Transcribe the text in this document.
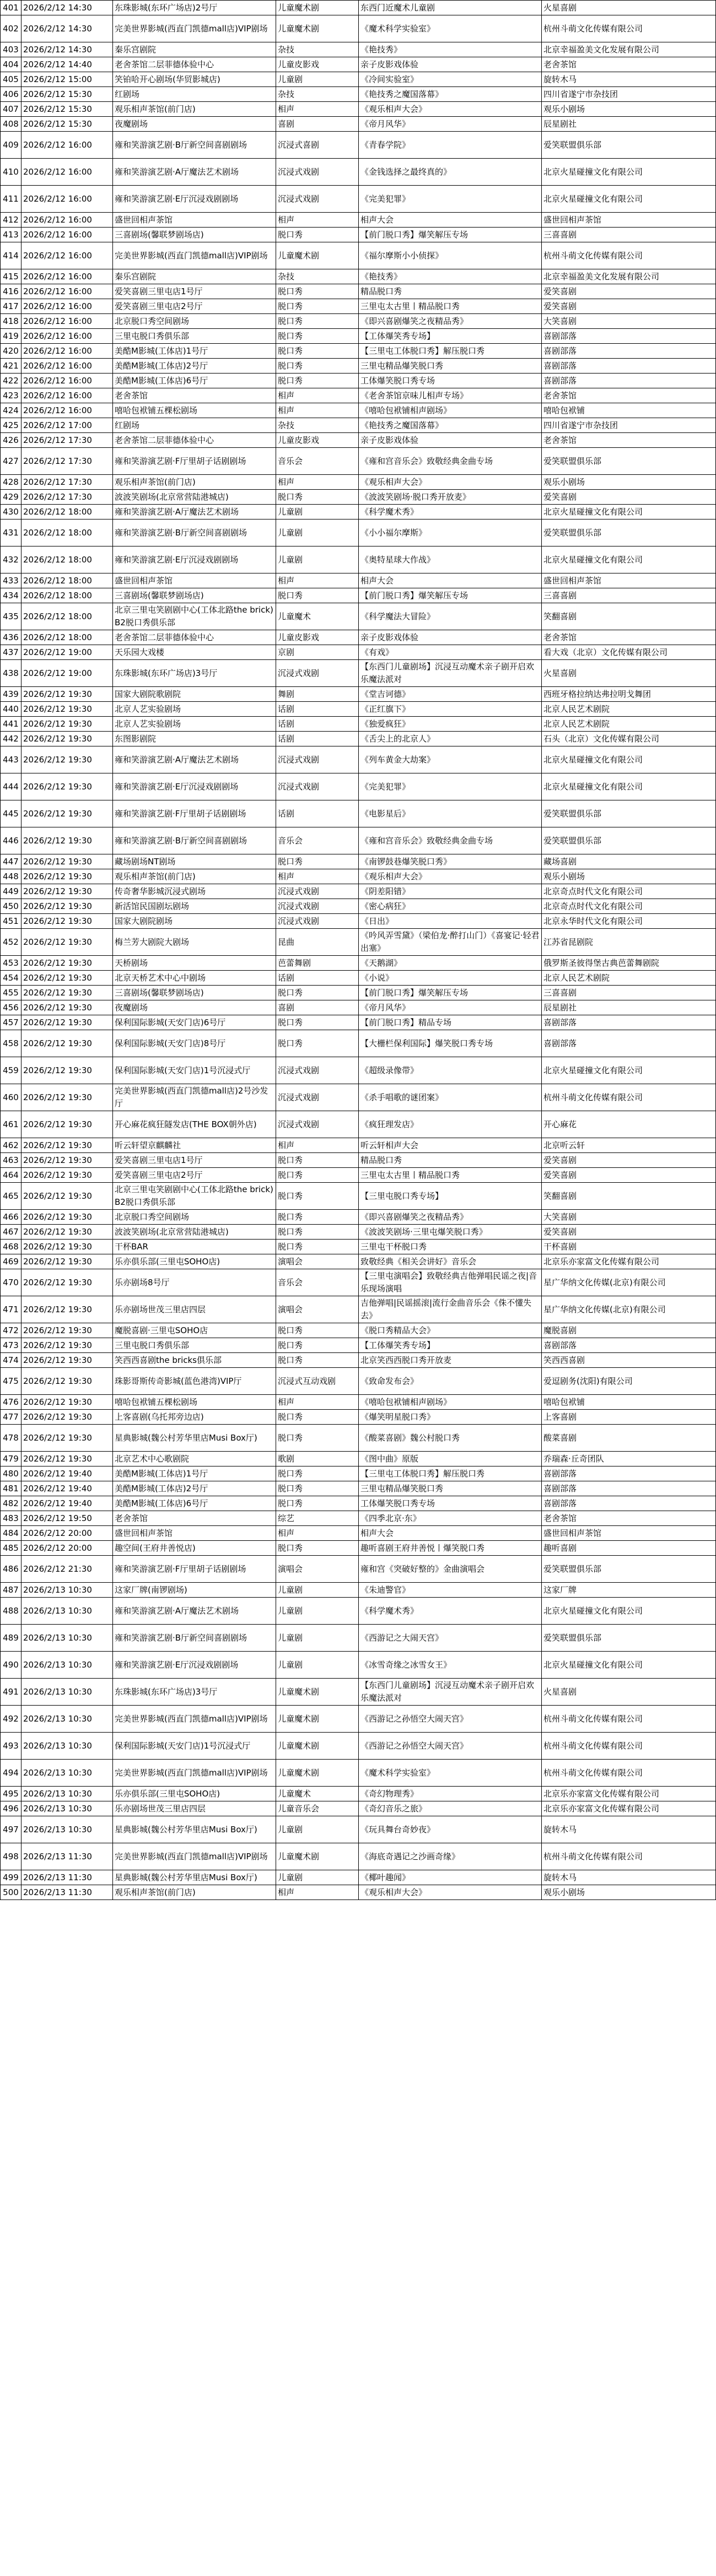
401	2026/2/12 14:30	东珠影城(东环广场店)2号厅	儿童魔术剧	东西门近魔术儿童剧	火星喜剧
402	2026/2/12 14:30	完美世界影城(西直门凯德mall店)VIP剧场	儿童魔术剧	《魔术科学实验室》	杭州斗萌文化传媒有限公司
403	2026/2/12 14:30	秦乐宫剧院	杂技	《艳技秀》	北京幸福盈美文化发展有限公司
404	2026/2/12 14:40	老舍茶馆二层菲德体验中心	儿童皮影戏	亲子皮影戏体验	老舍茶馆
405	2026/2/12 15:00	笑铂哈开心剧场(华贸影城店)	儿童剧	《冷间实验室》	旋转木马
406	2026/2/12 15:30	红剧场	杂技	《艳技秀之魔国落幕》	四川省遂宁市杂技团
407	2026/2/12 15:30	观乐相声茶馆(前门店)	相声	《观乐相声大会》	观乐小剧场
408	2026/2/12 15:30	夜魔剧场	喜剧	《帝月风华》	辰星剧社
409	2026/2/12 16:00	雍和笑游演艺剧·B厅新空间喜剧剧场	沉浸式喜剧	《青春学院》	爱笑联盟俱乐部
410	2026/2/12 16:00	雍和笑游演艺剧·A厅魔法艺术剧场	沉浸式戏剧	《金钱选择之最终真的》	北京火星碰撞文化有限公司
411	2026/2/12 16:00	雍和笑游演艺剧·E厅沉浸戏剧剧场	沉浸式戏剧	《完美犯罪》	北京火星碰撞文化有限公司
412	2026/2/12 16:00	盛世回相声茶馆	相声	相声大会	盛世回相声茶馆
413	2026/2/12 16:00	三喜剧场(馨联梦剧场店)	脱口秀	【前门脱口秀】爆笑解压专场	三喜喜剧
414	2026/2/12 16:00	完美世界影城(西直门凯德mall店)VIP剧场	儿童魔术剧	《福尔摩斯小小侦探》	杭州斗萌文化传媒有限公司
415	2026/2/12 16:00	秦乐宫剧院	杂技	《艳技秀》	北京幸福盈美文化发展有限公司
416	2026/2/12 16:00	爱笑喜剧三里屯店1号厅	脱口秀	精品脱口秀	爱笑喜剧
417	2026/2/12 16:00	爱笑喜剧三里屯店2号厅	脱口秀	三里屯太古里丨精品脱口秀	爱笑喜剧
418	2026/2/12 16:00	北京脱口秀空间剧场	脱口秀	《即兴喜剧爆笑之夜精品秀》	大笑喜剧
419	2026/2/12 16:00	三里屯脱口秀俱乐部	脱口秀	【工体爆笑秀专场】	喜剧部落
420	2026/2/12 16:00	美酷M影城(工体店)1号厅	脱口秀	【三里屯工体脱口秀】解压脱口秀	喜剧部落
421	2026/2/12 16:00	美酷M影城(工体店)2号厅	脱口秀	三里屯精品爆笑脱口秀	喜剧部落
422	2026/2/12 16:00	美酷M影城(工体店)6号厅	脱口秀	工体爆笑脱口秀专场	喜剧部落
423	2026/2/12 16:00	老舍茶馆	相声	《老舍茶馆京味儿相声专场》	老舍茶馆
424	2026/2/12 16:00	嘻哈包袱铺五棵松剧场	相声	《嘻哈包袱铺相声剧场》	嘻哈包袱铺
425	2026/2/12 17:00	红剧场	杂技	《艳技秀之魔国落幕》	四川省遂宁市杂技团
426	2026/2/12 17:30	老舍茶馆二层菲德体验中心	儿童皮影戏	亲子皮影戏体验	老舍茶馆
427	2026/2/12 17:30	雍和笑游演艺剧·F厅里胡子话剧剧场	音乐会	《雍和宫音乐会》致敬经典金曲专场	爱笑联盟俱乐部
428	2026/2/12 17:30	观乐相声茶馆(前门店)	相声	《观乐相声大会》	观乐小剧场
429	2026/2/12 17:30	波波笑剧场(北京常营陆港城店)	脱口秀	《波波笑剧场·脱口秀开放麦》	爱笑喜剧
430	2026/2/12 18:00	雍和笑游演艺剧·A厅魔法艺术剧场	儿童剧	《科学魔术秀》	北京火星碰撞文化有限公司
431	2026/2/12 18:00	雍和笑游演艺剧·B厅新空间喜剧剧场	儿童剧	《小小福尔摩斯》	爱笑联盟俱乐部
432	2026/2/12 18:00	雍和笑游演艺剧·E厅沉浸戏剧剧场	儿童剧	《奥特星球大作战》	北京火星碰撞文化有限公司
433	2026/2/12 18:00	盛世回相声茶馆	相声	相声大会	盛世回相声茶馆
434	2026/2/12 18:00	三喜剧场(馨联梦剧场店)	脱口秀	【前门脱口秀】爆笑解压专场	三喜喜剧
435	2026/2/12 18:00	北京三里屯笑剧剧中心(工体北路the brick)B2脱口秀俱乐部	儿童魔术	《科学魔法大冒险》	笑翻喜剧
436	2026/2/12 18:00	老舍茶馆二层菲德体验中心	儿童皮影戏	亲子皮影戏体验	老舍茶馆
437	2026/2/12 19:00	天乐园大戏楼	京剧	《有戏》	看大戏（北京）文化传媒有限公司
438	2026/2/12 19:00	东珠影城(东环广场店)3号厅	沉浸式戏剧	【东西门儿童剧场】沉浸互动魔术亲子剧开启欢乐魔法派对	火星喜剧
439	2026/2/12 19:30	国家大剧院歌剧院	舞剧	《堂吉诃德》	西班牙格拉纳达弗拉明戈舞团
440	2026/2/12 19:30	北京人艺实验剧场	话剧	《正红旗下》	北京人民艺术剧院
441	2026/2/12 19:30	北京人艺实验剧场	话剧	《独爱疯狂》	北京人民艺术剧院
442	2026/2/12 19:30	东图影剧院	话剧	《舌尖上的北京人》	石头（北京）文化传媒有限公司
443	2026/2/12 19:30	雍和笑游演艺剧·A厅魔法艺术剧场	沉浸式戏剧	《列车黄金大劫案》	北京火星碰撞文化有限公司
444	2026/2/12 19:30	雍和笑游演艺剧·E厅沉浸戏剧剧场	沉浸式戏剧	《完美犯罪》	北京火星碰撞文化有限公司
445	2026/2/12 19:30	雍和笑游演艺剧·F厅里胡子话剧剧场	话剧	《电影星后》	爱笑联盟俱乐部
446	2026/2/12 19:30	雍和笑游演艺剧·B厅新空间喜剧剧场	音乐会	《雍和宫音乐会》致敬经典金曲专场	爱笑联盟俱乐部
447	2026/2/12 19:30	藏场剧场NT剧场	脱口秀	《南锣鼓巷爆笑脱口秀》	藏场喜剧
448	2026/2/12 19:30	观乐相声茶馆(前门店)	相声	《观乐相声大会》	观乐小剧场
449	2026/2/12 19:30	传奇奢华影城沉浸式剧场	沉浸式戏剧	《阴差阳错》	北京奇点时代文化有限公司
450	2026/2/12 19:30	新活馆民国剧坛剧场	沉浸式戏剧	《密心病狂》	北京奇点时代文化有限公司
451	2026/2/12 19:30	国家大剧院剧场	沉浸式戏剧	《日出》	北京永华时代文化有限公司
452	2026/2/12 19:30	梅兰芳大剧院大剧场	昆曲	《吟风弄雪黛》（梁伯龙·醉打山门）《喜宴记·轻君出塞》	江苏省昆剧院
453	2026/2/12 19:30	天桥剧场	芭蕾舞剧	《天鹅湖》	俄罗斯圣彼得堡古典芭蕾舞剧院
454	2026/2/12 19:30	北京天桥艺术中心中剧场	话剧	《小说》	北京人民艺术剧院
455	2026/2/12 19:30	三喜剧场(馨联梦剧场店)	脱口秀	【前门脱口秀】爆笑解压专场	三喜喜剧
456	2026/2/12 19:30	夜魔剧场	喜剧	《帝月风华》	辰星剧社
457	2026/2/12 19:30	保利国际影城(天安门店)6号厅	脱口秀	【前门脱口秀】精品专场	喜剧部落
458	2026/2/12 19:30	保利国际影城(天安门店)8号厅	脱口秀	【大栅栏保利国际】爆笑脱口秀专场	喜剧部落
459	2026/2/12 19:30	保利国际影城(天安门店)1号沉浸式厅	沉浸式戏剧	《超级录像带》	北京火星碰撞文化有限公司
460	2026/2/12 19:30	完美世界影城(西直门凯德mall店)2号沙发厅	沉浸式戏剧	《杀手唱歌的谜团案》	杭州斗萌文化传媒有限公司
461	2026/2/12 19:30	开心麻花疯狂隧发店(THE BOX朝外店)	沉浸式戏剧	《疯狂理发店》	开心麻花
462	2026/2/12 19:30	听云轩望京麒麟社	相声	听云轩相声大会	北京听云轩
463	2026/2/12 19:30	爱笑喜剧三里屯店1号厅	脱口秀	精品脱口秀	爱笑喜剧
464	2026/2/12 19:30	爱笑喜剧三里屯店2号厅	脱口秀	三里屯太古里丨精品脱口秀	爱笑喜剧
465	2026/2/12 19:30	北京三里屯笑剧剧中心(工体北路the brick)B2脱口秀俱乐部	脱口秀	【三里屯脱口秀专场】	笑翻喜剧
466	2026/2/12 19:30	北京脱口秀空间剧场	脱口秀	《即兴喜剧爆笑之夜精品秀》	大笑喜剧
467	2026/2/12 19:30	波波笑剧场(北京常营陆港城店)	脱口秀	《波波笑剧场·三里屯爆笑脱口秀》	爱笑喜剧
468	2026/2/12 19:30	干杯BAR	脱口秀	三里屯干杯脱口秀	干杯喜剧
469	2026/2/12 19:30	乐亦俱乐部(三里屯SOHO店)	演唱会	致敬经典《相关会讲好》音乐会	北京乐亦家富文化传媒有限公司
470	2026/2/12 19:30	乐亦剧场8号厅	音乐会	【三里屯演唱会】致敬经典吉他弹唱民谣之夜|音乐现场演唱	星广华纳文化传媒(北京)有限公司
471	2026/2/12 19:30	乐亦剧场世茂三里店四层	演唱会	吉他弹唱|民谣摇滚|流行金曲音乐会《侏不懂失去》	星广华纳文化传媒(北京)有限公司
472	2026/2/12 19:30	魔脱喜剧·三里屯SOHO店	脱口秀	《脱口秀精品大会》	魔脱喜剧
473	2026/2/12 19:30	三里屯脱口秀俱乐部	脱口秀	【工体爆笑秀专场】	喜剧部落
474	2026/2/12 19:30	笑西西喜剧the bricks俱乐部	脱口秀	北京笑西西脱口秀开放麦	笑西西喜剧
475	2026/2/12 19:30	珠影哥斯传奇影城(蓝色港湾)VIP厅	沉浸式互动戏剧	《致命发布会》	爱逗剧务(沈阳)有限公司
476	2026/2/12 19:30	嘻哈包袱铺五棵松剧场	相声	《嘻哈包袱铺相声剧场》	嘻哈包袱铺
477	2026/2/12 19:30	上客喜剧(乌托邦旁边店)	脱口秀	《爆笑明星脱口秀》	上客喜剧
478	2026/2/12 19:30	星典影城(魏公村芳华里店Musi Box厅)	脱口秀	《酸菜喜剧》魏公村脱口秀	酸菜喜剧
479	2026/2/12 19:30	北京艺术中心歌剧院	歌剧	《图中曲》原版	乔瑞森·丘奇团队
480	2026/2/12 19:40	美酷M影城(工体店)1号厅	脱口秀	【三里屯工体脱口秀】解压脱口秀	喜剧部落
481	2026/2/12 19:40	美酷M影城(工体店)2号厅	脱口秀	三里屯精品爆笑脱口秀	喜剧部落
482	2026/2/12 19:40	美酷M影城(工体店)6号厅	脱口秀	工体爆笑脱口秀专场	喜剧部落
483	2026/2/12 19:50	老舍茶馆	综艺	《四季北京·东》	老舍茶馆
484	2026/2/12 20:00	盛世回相声茶馆	相声	相声大会	盛世回相声茶馆
485	2026/2/12 20:00	趣空间(王府井善悦店)	脱口秀	趣听喜剧王府井善悦丨爆笑脱口秀	趣听喜剧
486	2026/2/12 21:30	雍和笑游演艺剧·F厅里胡子话剧剧场	演唱会	雍和宫《突破好整的》金曲演唱会	爱笑联盟俱乐部
487	2026/2/13 10:30	这家厂牌(南锣剧场)	儿童剧	《朱迪警官》	这家厂牌
488	2026/2/13 10:30	雍和笑游演艺剧·A厅魔法艺术剧场	儿童剧	《科学魔术秀》	北京火星碰撞文化有限公司
489	2026/2/13 10:30	雍和笑游演艺剧·B厅新空间喜剧剧场	儿童剧	《西游记之大闹天宫》	爱笑联盟俱乐部
490	2026/2/13 10:30	雍和笑游演艺剧·E厅沉浸戏剧剧场	儿童剧	《冰雪奇缘之冰雪女王》	北京火星碰撞文化有限公司
491	2026/2/13 10:30	东珠影城(东环广场店)3号厅	儿童魔术剧	【东西门儿童剧场】沉浸互动魔术亲子剧开启欢乐魔法派对	火星喜剧
492	2026/2/13 10:30	完美世界影城(西直门凯德mall店)VIP剧场	儿童魔术剧	《西游记之孙悟空大闹天宫》	杭州斗萌文化传媒有限公司
493	2026/2/13 10:30	保利国际影城(天安门店)1号沉浸式厅	儿童魔术剧	《西游记之孙悟空大闹天宫》	杭州斗萌文化传媒有限公司
494	2026/2/13 10:30	完美世界影城(西直门凯德mall店)VIP剧场	儿童魔术剧	《魔术科学实验室》	杭州斗萌文化传媒有限公司
495	2026/2/13 10:30	乐亦俱乐部(三里屯SOHO店)	儿童魔术	《奇幻物理秀》	北京乐亦家富文化传媒有限公司
496	2026/2/13 10:30	乐亦剧场世茂三里店四层	儿童音乐会	《奇幻音乐之旅》	北京乐亦家富文化传媒有限公司
497	2026/2/13 10:30	星典影城(魏公村芳华里店Musi Box厅)	儿童剧	《玩具舞台奇妙夜》	旋转木马
498	2026/2/13 11:30	完美世界影城(西直门凯德mall店)VIP剧场	儿童魔术剧	《海底奇遇记之沙画奇缘》	杭州斗萌文化传媒有限公司
499	2026/2/13 11:30	星典影城(魏公村芳华里店Musi Box厅)	儿童剧	《椰叶趣闻》	旋转木马
500	2026/2/13 11:30	观乐相声茶馆(前门店)	相声	《观乐相声大会》	观乐小剧场
